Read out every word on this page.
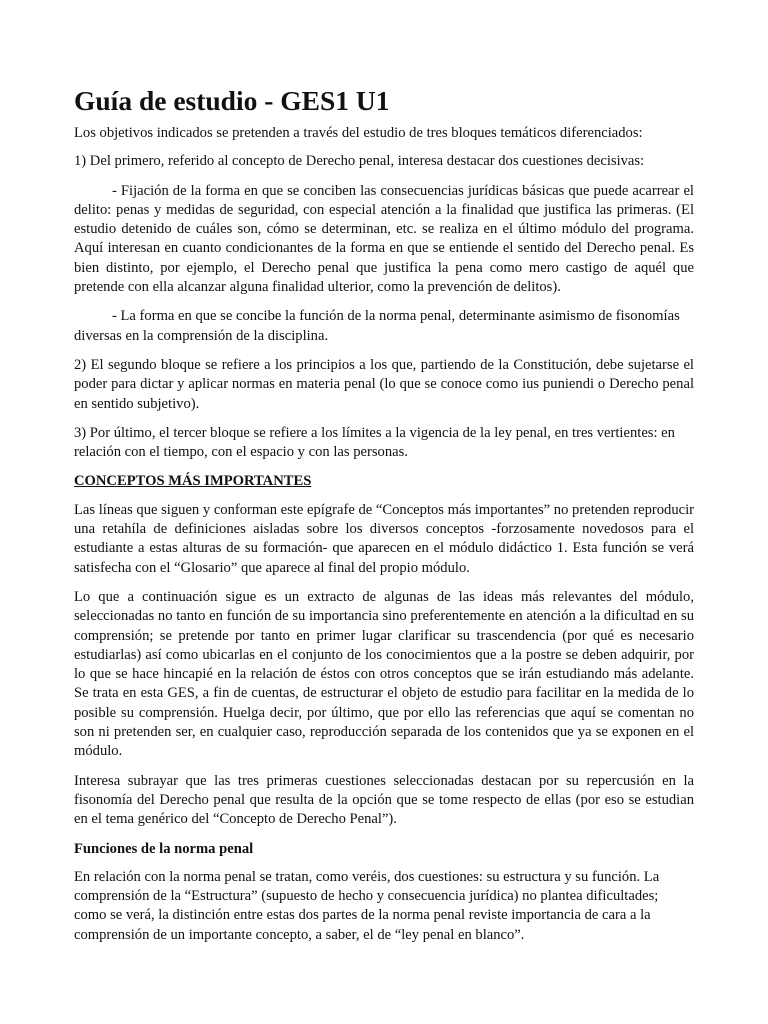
Guía de estudio - GES1 U1

Los objetivos indicados se pretenden a través del estudio de tres bloques temáticos diferenciados:

1) Del primero, referido al concepto de Derecho penal, interesa destacar dos cuestiones decisivas:

- Fijación de la forma en que se conciben las consecuencias jurídicas básicas que puede acarrear el delito: penas y medidas de seguridad, con especial atención a la finalidad que justifica las primeras. (El estudio detenido de cuáles son, cómo se determinan, etc. se realiza en el último módulo del programa. Aquí interesan en cuanto condicionantes de la forma en que se entiende el sentido del Derecho penal. Es bien distinto, por ejemplo, el Derecho penal que justifica la pena como mero castigo de aquél que pretende con ella alcanzar alguna finalidad ulterior, como la prevención de delitos).

- La forma en que se concibe la función de la norma penal, determinante asimismo de fisonomías diversas en la comprensión de la disciplina.

2) El segundo bloque se refiere a los principios a los que, partiendo de la Constitución, debe sujetarse el poder para dictar y aplicar normas en materia penal (lo que se conoce como ius puniendi o Derecho penal en sentido subjetivo).

3) Por último, el tercer bloque se refiere a los límites a la vigencia de la ley penal, en tres vertientes: en relación con el tiempo, con el espacio y con las personas.

CONCEPTOS MÁS IMPORTANTES

Las líneas que siguen y conforman este epígrafe de “Conceptos más importantes” no pretenden reproducir una retahíla de definiciones aisladas sobre los diversos conceptos -forzosamente novedosos para el estudiante a estas alturas de su formación- que aparecen en el módulo didáctico 1. Esta función se verá satisfecha con el “Glosario” que aparece al final del propio módulo.

Lo que a continuación sigue es un extracto de algunas de las ideas más relevantes del módulo, seleccionadas no tanto en función de su importancia sino preferentemente en atención a la dificultad en su comprensión; se pretende por tanto en primer lugar clarificar su trascendencia (por qué es necesario estudiarlas) así como ubicarlas en el conjunto de los conocimientos que a la postre se deben adquirir, por lo que se hace hincapié en la relación de éstos con otros conceptos que se irán estudiando más adelante. Se trata en esta GES, a fin de cuentas, de estructurar el objeto de estudio para facilitar en la medida de lo posible su comprensión. Huelga decir, por último, que por ello las referencias que aquí se comentan no son ni pretenden ser, en cualquier caso, reproducción separada de los contenidos que ya se exponen en el módulo.

Interesa subrayar que las tres primeras cuestiones seleccionadas destacan por su repercusión en la fisonomía del Derecho penal que resulta de la opción que se tome respecto de ellas (por eso se estudian en el tema genérico del “Concepto de Derecho Penal”).

Funciones de la norma penal

En relación con la norma penal se tratan, como veréis, dos cuestiones: su estructura y su función. La comprensión de la “Estructura” (supuesto de hecho y consecuencia jurídica) no plantea dificultades; como se verá, la distinción entre estas dos partes de la norma penal reviste importancia de cara a la comprensión de un importante concepto, a saber, el de “ley penal en blanco”.
